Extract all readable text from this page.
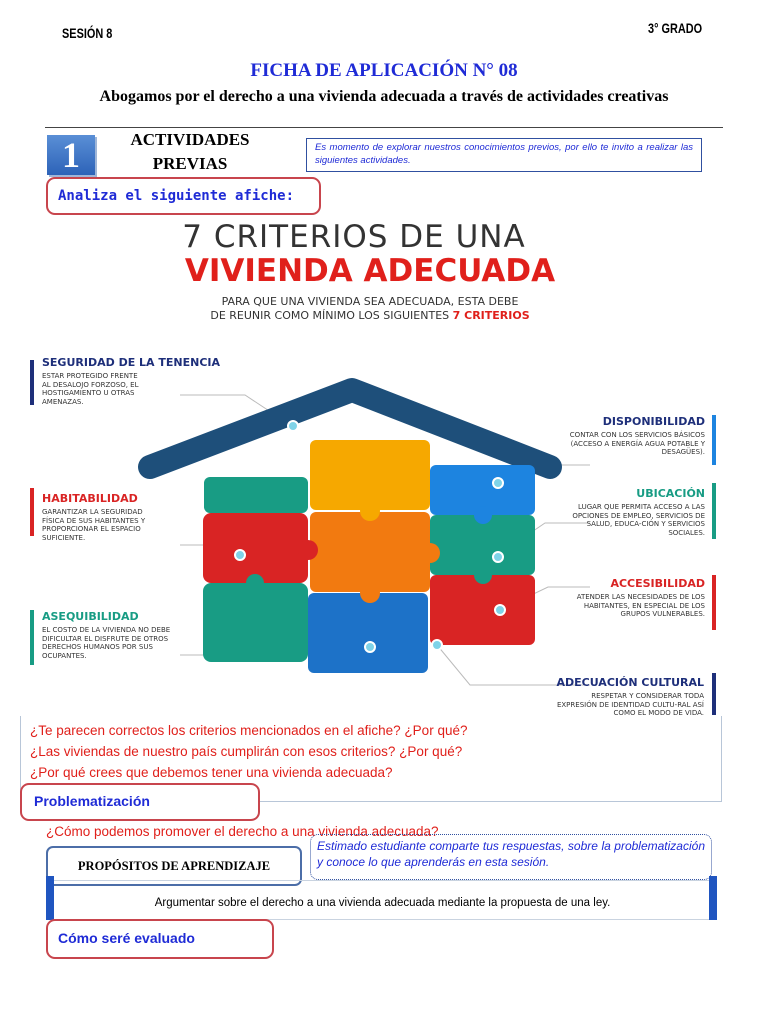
SESIÓN 8	3° GRADO
FICHA DE APLICACIÓN N° 08
Abogamos por el derecho a una vivienda adecuada a través de actividades creativas
1	ACTIVIDADES
PREVIAS
Es momento de explorar nuestros conocimientos previos, por ello te invito a realizar las siguientes actividades.
Analiza el siguiente afiche:
7 CRITERIOS DE UNA
VIVIENDA ADECUADA
PARA QUE UNA VIVIENDA SEA ADECUADA, ESTA DEBE
DE REUNIR COMO MÍNIMO LOS SIGUIENTES 7 CRITERIOS
SEGURIDAD DE LA TENENCIA
ESTAR PROTEGIDO FRENTE AL DESALOJO FORZOSO, EL HOSTIGAMIENTO U OTRAS AMENAZAS.
DISPONIBILIDAD
CONTAR CON LOS SERVICIOS BÁSICOS (ACCESO A ENERGÍA AGUA POTABLE Y DESAGÜES).
HABITABILIDAD
GARANTIZAR LA SEGURIDAD FÍSICA DE SUS HABITANTES Y PROPORCIONAR EL ESPACIO SUFICIENTE.
UBICACIÓN
LUGAR QUE PERMITA ACCESO A LAS OPCIONES DE EMPLEO, SERVICIOS DE SALUD, EDUCA-CIÓN Y SERVICIOS SOCIALES.
ACCESIBILIDAD
ATENDER LAS NECESIDADES DE LOS HABITANTES, EN ESPECIAL DE LOS GRUPOS VULNERABLES.
ASEQUIBILIDAD
EL COSTO DE LA VIVIENDA NO DEBE DIFICULTAR EL DISFRUTE DE OTROS DERECHOS HUMANOS POR SUS OCUPANTES.
ADECUACIÓN CULTURAL
RESPETAR Y CONSIDERAR TODA EXPRESIÓN DE IDENTIDAD CULTU-RAL ASÍ COMO EL MODO DE VIDA.
¿Te parecen correctos los criterios mencionados en el afiche? ¿Por qué?
¿Las viviendas de nuestro país cumplirán con esos criterios? ¿Por qué?
¿Por qué crees que debemos tener una vivienda adecuada?
Problematización
¿Cómo podemos promover el derecho a una vivienda adecuada?
PROPÓSITOS DE APRENDIZAJE
Estimado estudiante comparte tus respuestas, sobre la problematización y conoce lo que aprenderás en esta sesión.
Argumentar sobre el derecho a una vivienda adecuada mediante la propuesta de una ley.
Cómo seré evaluado
